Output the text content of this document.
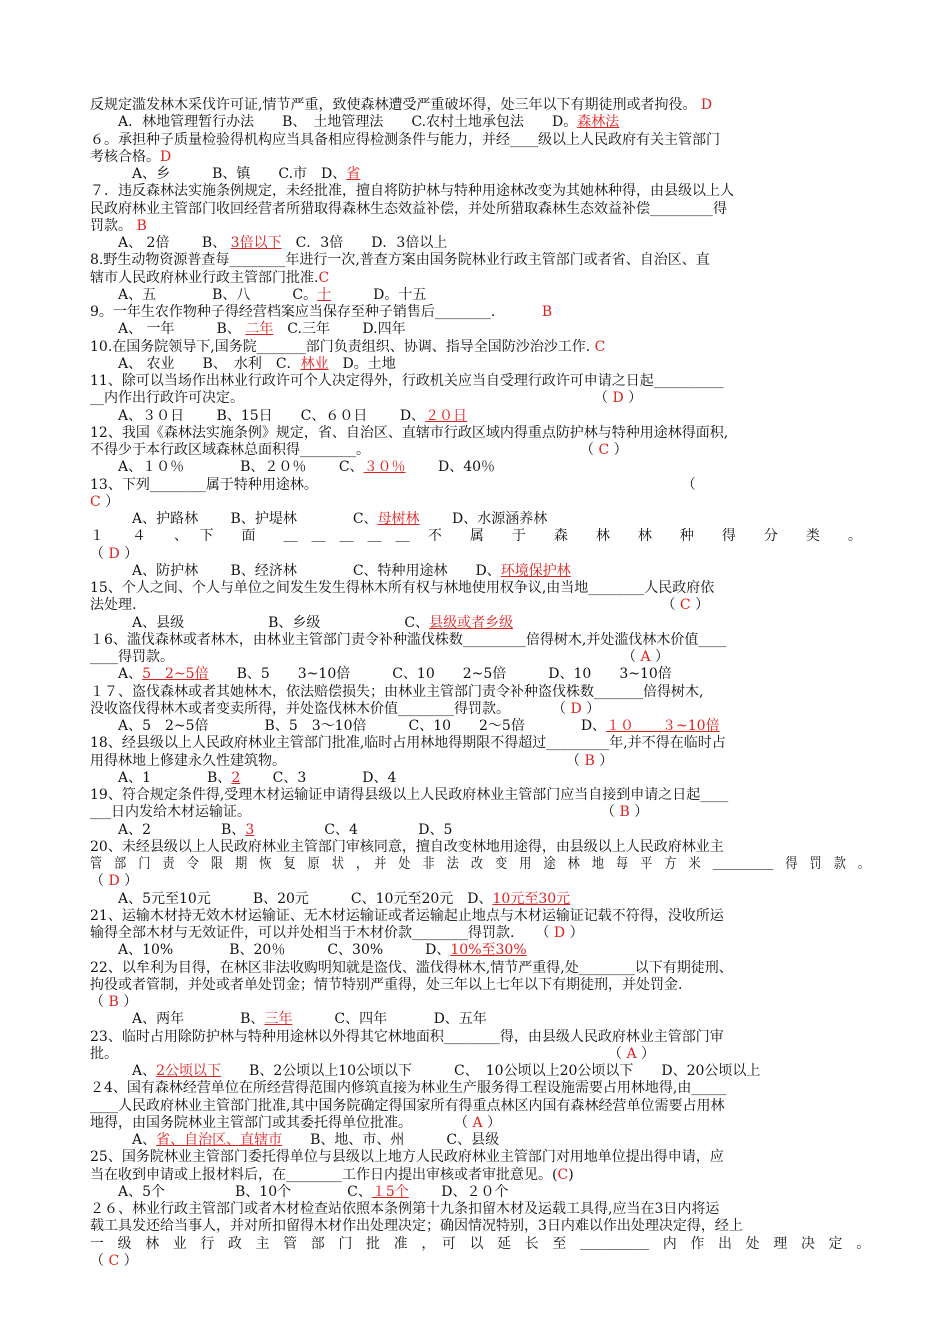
反规定滥发林木采伐许可证,情节严重，致使森林遭受严重破坏得，处三年以下有期徒刑或者拘役。 D
　　A．林地管理暂行办法　　B、　土地管理法　　C.农村土地承包法　　D。森林法
６。承担种子质量检验得机构应当具备相应得检测条件与能力，并经____级以上人民政府有关主管部门
考核合格。D
　　　A、乡　　　B、镇　　C.市　D、省
７．违反森林法实施条例规定，未经批准，擅自将防护林与特种用途林改变为其她林种得，由县级以上人
民政府林业主管部门收回经营者所猎取得森林生态效益补偿，并处所猎取森林生态效益补偿_________得
罚款。 B
　　A、 2倍　　 B、 3倍以下　C．3倍　　D．3倍以上
8.野生动物资源普查每________年进行一次,普查方案由国务院林业行政主管部门或者省、自治区、直
辖市人民政府林业行政主管部门批准.C
　　A、五　　　　B、八　　　C。十　　　D。十五
9。一年生农作物种子得经营档案应当保存至种子销售后________.　　　 B
　　A、 一年　　　B、 二年　C.三年　　 D.四年
10.在国务院领导下,国务院_______部门负责组织、协调、指导全国防沙治沙工作. C
　　A、 农业　　B、　水利　C．林业　D。土地
11、除可以当场作出林业行政许可个人决定得外，行政机关应当自受理行政许可申请之日起__________
__内作出行政许可决定。　　　　　　　　　　　　　　　　　　　　　　　　　　（ D ）
　　A、３０日　　 B、15日　　C、６０日　　 D、２０日
12、我国《森林法实施条例》规定，省、自治区、直辖市行政区域内得重点防护林与特种用途林得面积,
不得少于本行政区域森林总面积得________。　　　　　　　　　　　　　　　　（ C ）
　　A、１０％　　　　B、２０％　　 C、３０％　　 D、40％
13、下列________属于特种用途林。　　　　　　　　　　　　　　　　　　　　　　　　　　　（
C ）
　　　A、护路林　　 B、护堤林　　　　C、母树林　　 D、水源涵养林
１　　４　　、　 下　　面　　＿　＿　＿　＿　＿　 不　　属　　于　　森　　林　　林　　种　　得　　分　　类　　。
（ D ）
　　　A、防护林　　 B、经济林　　　　C、特种用途林　　D、环境保护林
15、个人之间、个人与单位之间发生发生得林木所有权与林地使用权争议,由当地________人民政府依
法处理.　　　　　　　　　　　　　　　　　　　　　　　　　　　　　　　　　　　　　　（ C ）
　　　A、县级　　　　　　B、乡级　　　　　　C、县级或者乡级
１6、滥伐森林或者林木，由林业主管部门责令补种滥伐株数_________倍得树木,并处滥伐林木价值____
____得罚款。　　　　　　　　　　　　　　　　　　　　　　　　　　　　　　　　　（ A ）
　　A、5　2~5倍　　B、5　　3~10倍　　　C、10　　2~5倍　　　D、10　　3~10倍
１７、盗伐森林或者其她林木，依法赔偿损失；由林业主管部门责令补种盗伐株数_______倍得树木,
没收盗伐得林木或者变卖所得，并处盗伐林木价值________得罚款。　　　　（ D ）
　　A、5　2~5倍　　　　B、5　3～10倍　　　C、10　　2～5倍　　　　D、１０　　３~10倍
18、经县级以上人民政府林业主管部门批准,临时占用林地得期限不得超过_________年,并不得在临时占
用得林地上修建永久性建筑物。　　　　　　　　　　　　　　　　　　　　　（ B ）
　　A、1　　　　B、2　　 C、3　　　　D、4
19、符合规定条件得,受理木材运输证申请得县级以上人民政府林业主管部门应当自接到申请之日起____
___日内发给木材运输证。　　　　　　　　　　　　　　　　　　　　　　　　　　（ B ）
　　A、2　　　　　B、3　　　　　C、4　　　　 D、5
20、未经县级以上人民政府林业主管部门审核同意，擅自改变林地用途得，由县级以上人民政府林业主
管　部　门　责　令　限　期　恢　复　原　状　，　并　处　非　法　改　变　用　途　林　地　每　平　方　米　＿＿＿＿＿　得　罚　款　。
（ D ）
　　A、5元至10元　　　B、20元　　　C、10元至20元　D、10元至30元
21、运输木材持无效木材运输证、无木材运输证或者运输起止地点与木材运输证记载不符得，没收所运
输得全部木材与无效证件，可以并处相当于木材价款________得罚款.　　（ D ）
　　A、10%　　　　B、20％　　　C、30%　　　D、10%至30%
22、以牟利为目得，在林区非法收购明知就是盗伐、滥伐得林木,情节严重得,处________以下有期徒刑、
拘役或者管制，并处或者单处罚金；情节特别严重得，处三年以上七年以下有期徒刑，并处罚金.
（ B ）
　　　A、两年　　　　B、三年　　　C、四年　　　 D、五年
23、临时占用除防护林与特种用途林以外得其它林地面积________得，由县级人民政府林业主管部门审
批。　　　　　　　　　　　　　　　　　　　　　　　　　　　　　　　　　　　　（ A ）
　　　A、2公顷以下　　B、2公顷以上10公顷以下　　　C、　10公顷以上20公顷以下　　D、20公顷以上
２4、国有森林经营单位在所经营得范围内修筑直接为林业生产服务得工程设施需要占用林地得,由_____
____人民政府林业主管部门批准,其中国务院确定得国家所有得重点林区内国有森林经营单位需要占用林
地得，由国务院林业主管部门或其委托得单位批准。　　　　（ A ）
　　　A、省、自治区、直辖市　　B、地、市、州　　　C、县级
25、国务院林业主管部门委托得单位与县级以上地方人民政府林业主管部门对用地单位提出得申请，应
当在收到申请或上报材料后，在________工作日内提出审核或者审批意见。(C)
　　A、5个　　　　　B、10个　　　　C、１5个　　 D、２０个
２６、林业行政主管部门或者木材检查站依照本条例第十九条扣留木材及运载工具得,应当在3日内将运
载工具发还给当事人，并对所扣留得木材作出处理决定；确因情况特别，3日内难以作出处理决定得，经上
一　级　林　业　行　政　主　管　部　门　批　准　，　可　以　延　长　至　＿＿＿＿＿　内　作　出　处　理　决　定　。
（ C ）
